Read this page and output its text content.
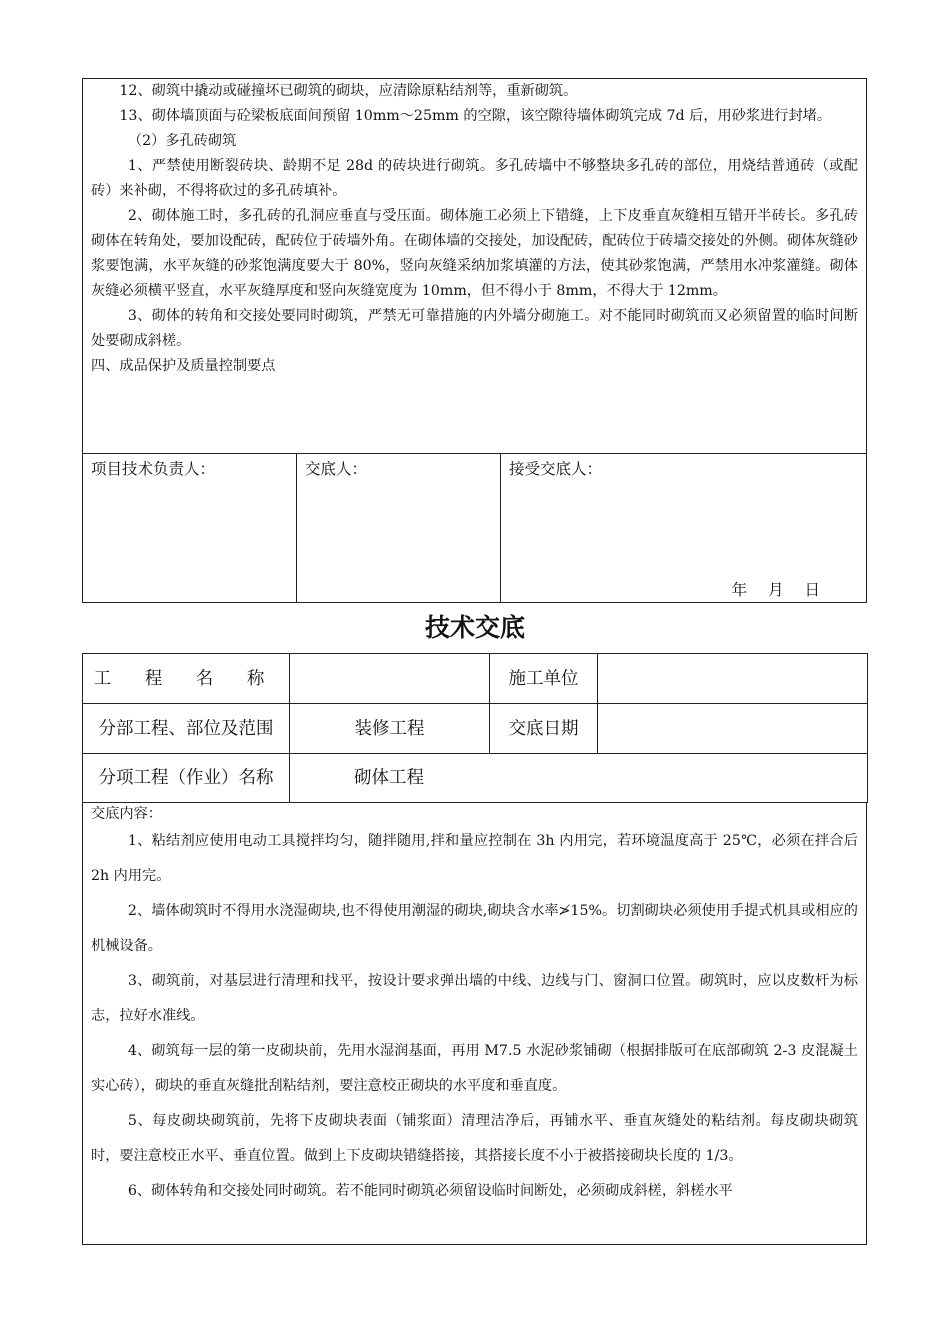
12、砌筑中撬动或碰撞坏已砌筑的砌块，应清除原粘结剂等，重新砌筑。

13、砌体墙顶面与砼梁板底面间预留 10mm～25mm 的空隙，该空隙待墙体砌筑完成 7d 后，用砂浆进行封堵。

（2）多孔砖砌筑

1、严禁使用断裂砖块、龄期不足 28d 的砖块进行砌筑。多孔砖墙中不够整块多孔砖的部位，用烧结普通砖（或配砖）来补砌，不得将砍过的多孔砖填补。

2、砌体施工时，多孔砖的孔洞应垂直与受压面。砌体施工必须上下错缝，上下皮垂直灰缝相互错开半砖长。多孔砖砌体在转角处，要加设配砖，配砖位于砖墙外角。在砌体墙的交接处，加设配砖，配砖位于砖墙交接处的外侧。砌体灰缝砂浆要饱满，水平灰缝的砂浆饱满度要大于 80%，竖向灰缝采纳加浆填灌的方法，使其砂浆饱满，严禁用水冲浆灌缝。砌体灰缝必须横平竖直，水平灰缝厚度和竖向灰缝宽度为 10mm，但不得小于 8mm，不得大于 12mm。

3、砌体的转角和交接处要同时砌筑，严禁无可靠措施的内外墙分砌施工。对不能同时砌筑而又必须留置的临时间断处要砌成斜槎。

四、成品保护及质量控制要点

项目技术负责人：	交底人：	接受交底人：
年 月 日
技术交底
工 程 名 称		施工单位	
分部工程、部位及范围	装修工程	交底日期	
分项工程（作业）名称	砌体工程		

交底内容：

1、粘结剂应使用电动工具搅拌均匀，随拌随用,拌和量应控制在 3h 内用完，若环境温度高于 25℃，必须在拌合后 2h 内用完。

2、墙体砌筑时不得用水浇湿砌块,也不得使用潮湿的砌块,砌块含水率≯15%。切割砌块必须使用手提式机具或相应的机械设备。

3、砌筑前，对基层进行清理和找平，按设计要求弹出墙的中线、边线与门、窗洞口位置。砌筑时，应以皮数杆为标志，拉好水准线。

4、砌筑每一层的第一皮砌块前，先用水湿润基面，再用 M7.5 水泥砂浆铺砌（根据排版可在底部砌筑 2-3 皮混凝土实心砖），砌块的垂直灰缝批刮粘结剂，要注意校正砌块的水平度和垂直度。

5、每皮砌块砌筑前，先将下皮砌块表面（铺浆面）清理洁净后，再铺水平、垂直灰缝处的粘结剂。每皮砌块砌筑时，要注意校正水平、垂直位置。做到上下皮砌块错缝搭接，其搭接长度不小于被搭接砌块长度的 1/3。

6、砌体转角和交接处同时砌筑。若不能同时砌筑必须留设临时间断处，必须砌成斜槎，斜槎水平
